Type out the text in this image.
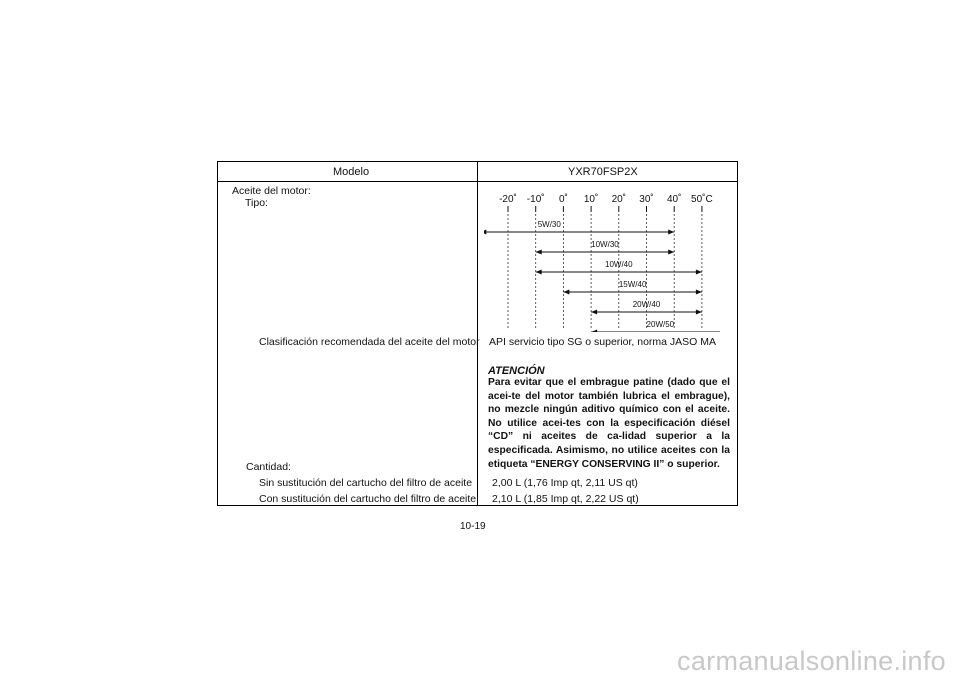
Modelo	YXR70FSP2X
Aceite del motor:
Tipo:	-20˚ -10˚ 0˚ 10˚ 20˚ 30˚ 40˚ 50˚C
5W/30
10W/30
10W/40
15W/40
20W/40
20W/50
Clasificación recomendada del aceite del motor API servicio tipo SG o superior, norma JASO MA
ATENCIÓN
Para evitar que el embrague patine (dado que el acei-te del motor también lubrica el embrague), no mezcle ningún aditivo químico con el aceite. No utilice acei-tes con la especificación diésel “CD” ni aceites de ca-lidad superior a la especificada. Asimismo, no utilice aceites con la etiqueta “ENERGY CONSERVING II” o superior.
Cantidad:
Sin sustitución del cartucho del filtro de aceite 2,00 L (1,76 Imp qt, 2,11 US qt)
Con sustitución del cartucho del filtro de aceite 2,10 L (1,85 Imp qt, 2,22 US qt)
10-19
carmanualsonline.info
